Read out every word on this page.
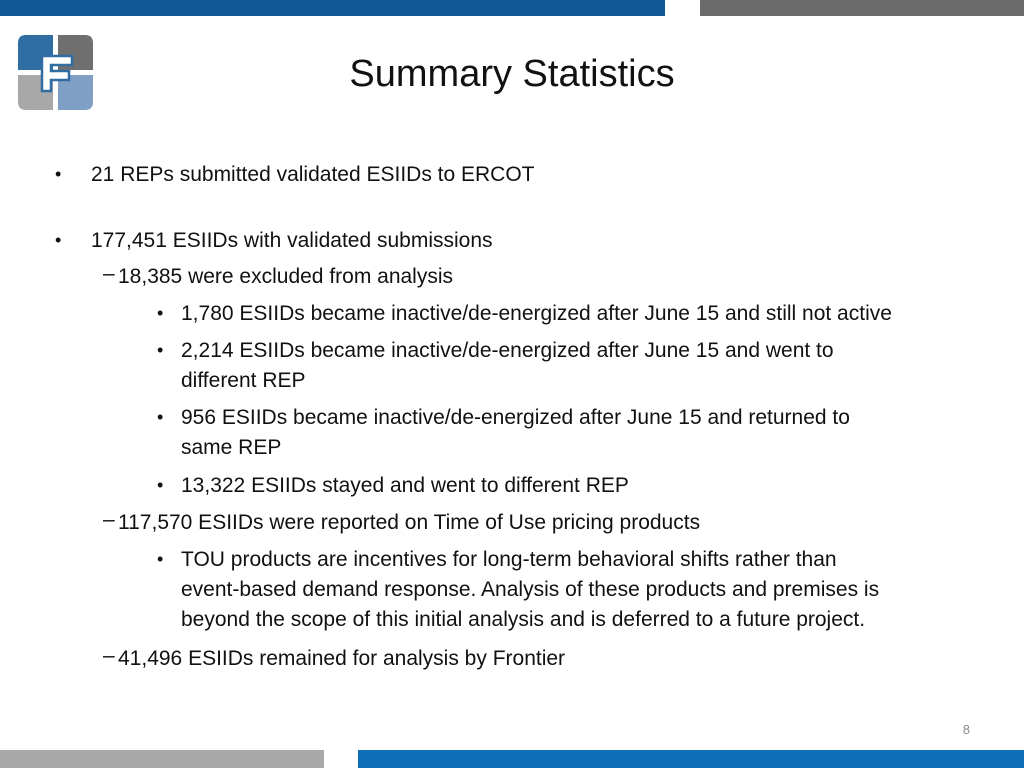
Summary Statistics
• 21 REPs submitted validated ESIIDs to ERCOT
• 177,451 ESIIDs with validated submissions
– 18,385 were excluded from analysis
• 1,780 ESIIDs became inactive/de-energized after June 15 and still not active
• 2,214 ESIIDs became inactive/de-energized after June 15 and went to
different REP
• 956 ESIIDs became inactive/de-energized after June 15 and returned to
same REP
• 13,322 ESIIDs stayed and went to different REP
– 117,570 ESIIDs were reported on Time of Use pricing products
• TOU products are incentives for long-term behavioral shifts rather than
event-based demand response. Analysis of these products and premises is
beyond the scope of this initial analysis and is deferred to a future project.
– 41,496 ESIIDs remained for analysis by Frontier
8
